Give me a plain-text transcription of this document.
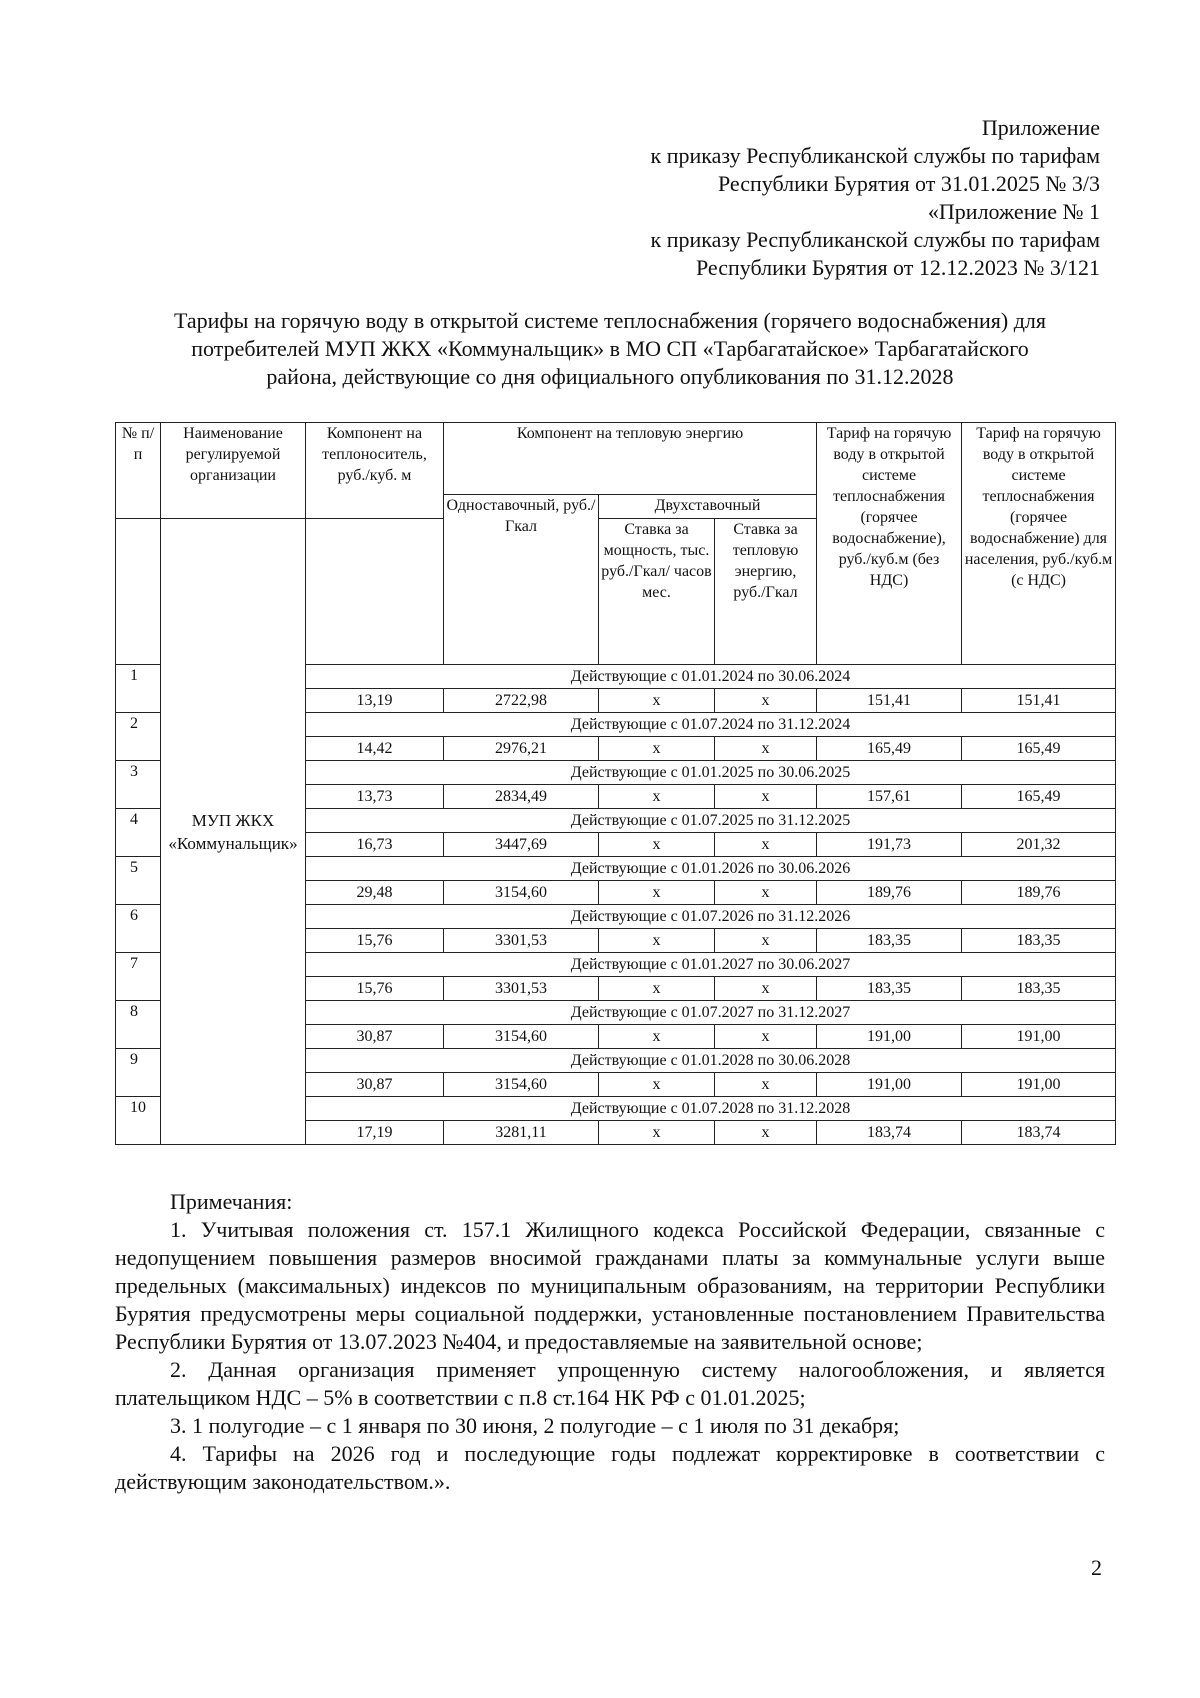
Приложение
к приказу Республиканской службы по тарифам
Республики Бурятия от 31.01.2025 № 3/3
«Приложение № 1
к приказу Республиканской службы по тарифам
Республики Бурятия от 12.12.2023 № 3/121
Тарифы на горячую воду в открытой системе теплоснабжения (горячего водоснабжения) для
потребителей МУП ЖКХ «Коммунальщик» в МО СП «Тарбагатайское» Тарбагатайского
района, действующие со дня официального опубликования по 31.12.2028
№ п/п	Наименование регулируемой организации	Компонент на теплоноситель, руб./куб. м	Компонент на тепловую энергию			Тариф на горячую воду в открытой системе теплоснабжения (горячее водоснабжение), руб./куб.м (без НДС)	Тариф на горячую воду в открытой системе теплоснабжения (горячее водоснабжение) для населения, руб./куб.м (с НДС)
			Одноставочный, руб./Гкал	Двухставочный			
	МУП ЖКХ «Коммунальщик»			Ставка за мощность, тыс. руб./Гкал/ часов мес.	Ставка за тепловую энергию, руб./Гкал		
1		Действующие с 01.01.2024 по 30.06.2024					
		13,19	2722,98	х	х	151,41	151,41
2		Действующие с 01.07.2024 по 31.12.2024					
		14,42	2976,21	х	х	165,49	165,49
3		Действующие с 01.01.2025 по 30.06.2025					
		13,73	2834,49	х	х	157,61	165,49
4		Действующие с 01.07.2025 по 31.12.2025					
		16,73	3447,69	х	х	191,73	201,32
5		Действующие с 01.01.2026 по 30.06.2026					
		29,48	3154,60	х	х	189,76	189,76
6		Действующие с 01.07.2026 по 31.12.2026					
		15,76	3301,53	х	х	183,35	183,35
7		Действующие с 01.01.2027 по 30.06.2027					
		15,76	3301,53	х	х	183,35	183,35
8		Действующие с 01.07.2027 по 31.12.2027					
		30,87	3154,60	х	х	191,00	191,00
9		Действующие с 01.01.2028 по 30.06.2028					
		30,87	3154,60	х	х	191,00	191,00
10		Действующие с 01.07.2028 по 31.12.2028					
		17,19	3281,11	х	х	183,74	183,74
Примечания:

1. Учитывая положения ст. 157.1 Жилищного кодекса Российской Федерации, связанные с недопущением повышения размеров вносимой гражданами платы за коммунальные услуги выше предельных (максимальных) индексов по муниципальным образованиям, на территории Республики Бурятия предусмотрены меры социальной поддержки, установленные постановлением Правительства Республики Бурятия от 13.07.2023 №404, и предоставляемые на заявительной основе;

2. Данная организация применяет упрощенную систему налогообложения, и является плательщиком НДС – 5% в соответствии с п.8 ст.164 НК РФ с 01.01.2025;

3. 1 полугодие – с 1 января по 30 июня, 2 полугодие – с 1 июля по 31 декабря;

4. Тарифы на 2026 год и последующие годы подлежат корректировке в соответствии с действующим законодательством.».

2
